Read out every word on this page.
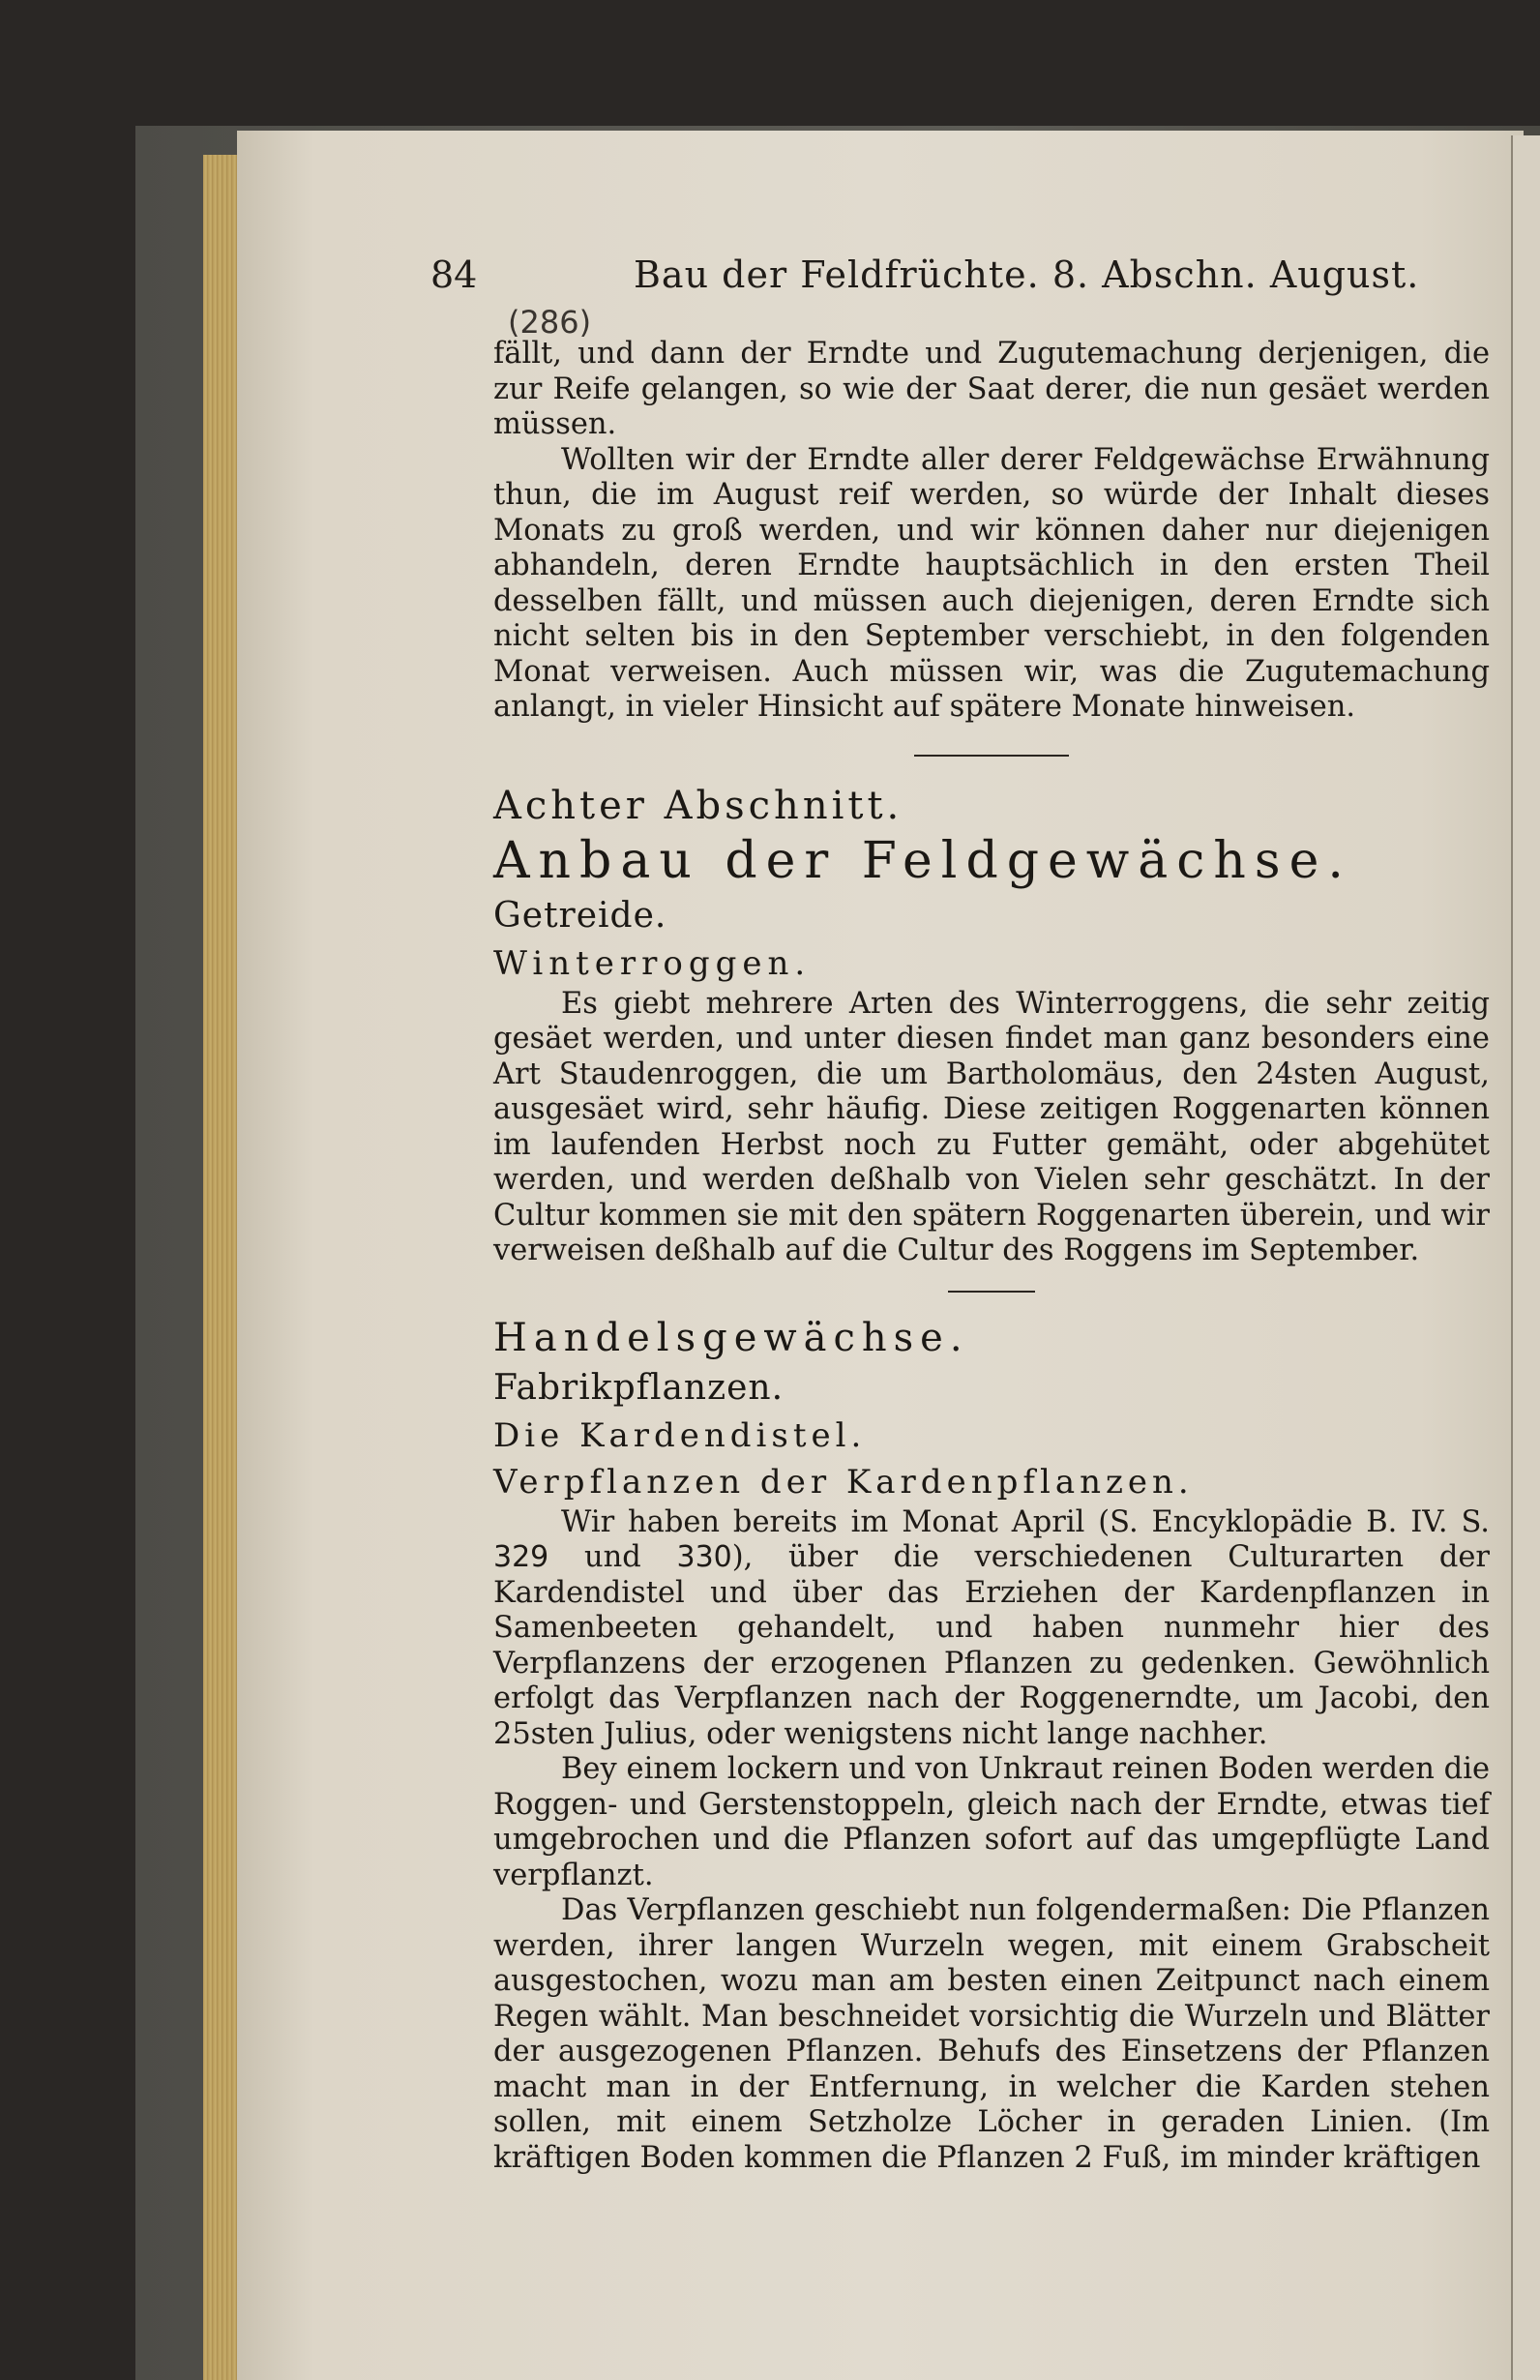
84	Bau der Feldfrüchte. 8. Abschn. August.

(286)

fällt, und dann der Erndte und Zugutemachung derjenigen, die zur Reife gelangen, so wie der Saat derer, die nun gesäet werden müssen.

Wollten wir der Erndte aller derer Feldgewächse Erwähnung thun, die im August reif werden, so würde der Inhalt dieses Monats zu groß werden, und wir können daher nur diejenigen abhandeln, deren Erndte hauptsächlich in den ersten Theil desselben fällt, und müssen auch diejenigen, deren Erndte sich nicht selten bis in den September verschiebt, in den folgenden Monat verweisen. Auch müssen wir, was die Zugutemachung anlangt, in vieler Hinsicht auf spätere Monate hinweisen.

Achter Abschnitt.

Anbau der Feldgewächse.

Getreide.

Winterroggen.

Es giebt mehrere Arten des Winterroggens, die sehr zeitig gesäet werden, und unter diesen findet man ganz besonders eine Art Staudenroggen, die um Bartholomäus, den 24sten August, ausgesäet wird, sehr häufig. Diese zeitigen Roggenarten können im laufenden Herbst noch zu Futter gemäht, oder abgehütet werden, und werden deßhalb von Vielen sehr geschätzt. In der Cultur kommen sie mit den spätern Roggenarten überein, und wir verweisen deßhalb auf die Cultur des Roggens im September.

Handelsgewächse.

Fabrikpflanzen.

Die Kardendistel.

Verpflanzen der Kardenpflanzen.

Wir haben bereits im Monat April (S. Encyklopädie B. IV. S. 329 und 330), über die verschiedenen Culturarten der Kardendistel und über das Erziehen der Kardenpflanzen in Samenbeeten gehandelt, und haben nunmehr hier des Verpflanzens der erzogenen Pflanzen zu gedenken. Gewöhnlich erfolgt das Verpflanzen nach der Roggenerndte, um Jacobi, den 25sten Julius, oder wenigstens nicht lange nachher.

Bey einem lockern und von Unkraut reinen Boden werden die Roggen- und Gerstenstoppeln, gleich nach der Erndte, etwas tief umgebrochen und die Pflanzen sofort auf das umgepflügte Land verpflanzt.

Das Verpflanzen geschiebt nun folgendermaßen: Die Pflanzen werden, ihrer langen Wurzeln wegen, mit einem Grabscheit ausgestochen, wozu man am besten einen Zeitpunct nach einem Regen wählt. Man beschneidet vorsichtig die Wurzeln und Blätter der ausgezogenen Pflanzen. Behufs des Einsetzens der Pflanzen macht man in der Entfernung, in welcher die Karden stehen sollen, mit einem Setzholze Löcher in geraden Linien. (Im kräftigen Boden kommen die Pflanzen 2 Fuß, im minder kräftigen
